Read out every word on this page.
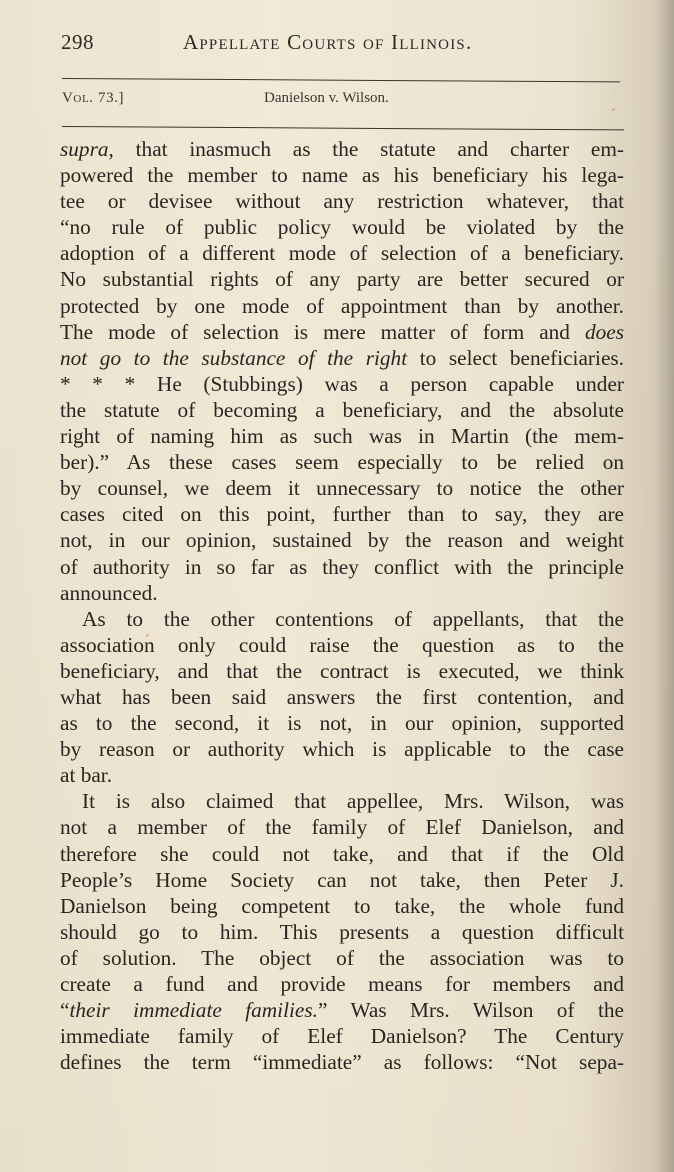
298	Appellate Courts of Illinois.
Vol. 73.]	Danielson v. Wilson.
supra, that inasmuch as the statute and charter em-
powered the member to name as his beneficiary his lega-
tee or devisee without any restriction whatever, that
“no rule of public policy would be violated by the
adoption of a different mode of selection of a beneficiary.
No substantial rights of any party are better secured or
protected by one mode of appointment than by another.
The mode of selection is mere matter of form and does
not go to the substance of the right to select beneficiaries.
* * * He (Stubbings) was a person capable under
the statute of becoming a beneficiary, and the absolute
right of naming him as such was in Martin (the mem-
ber).” As these cases seem especially to be relied on
by counsel, we deem it unnecessary to notice the other
cases cited on this point, further than to say, they are
not, in our opinion, sustained by the reason and weight
of authority in so far as they conflict with the principle
announced.
As to the other contentions of appellants, that the
association only could raise the question as to the
beneficiary, and that the contract is executed, we think
what has been said answers the first contention, and
as to the second, it is not, in our opinion, supported
by reason or authority which is applicable to the case
at bar.
It is also claimed that appellee, Mrs. Wilson, was
not a member of the family of Elef Danielson, and
therefore she could not take, and that if the Old
People’s Home Society can not take, then Peter J.
Danielson being competent to take, the whole fund
should go to him. This presents a question difficult
of solution. The object of the association was to
create a fund and provide means for members and
“their immediate families.” Was Mrs. Wilson of the
immediate family of Elef Danielson? The Century
defines the term “immediate” as follows: “Not sepa-
